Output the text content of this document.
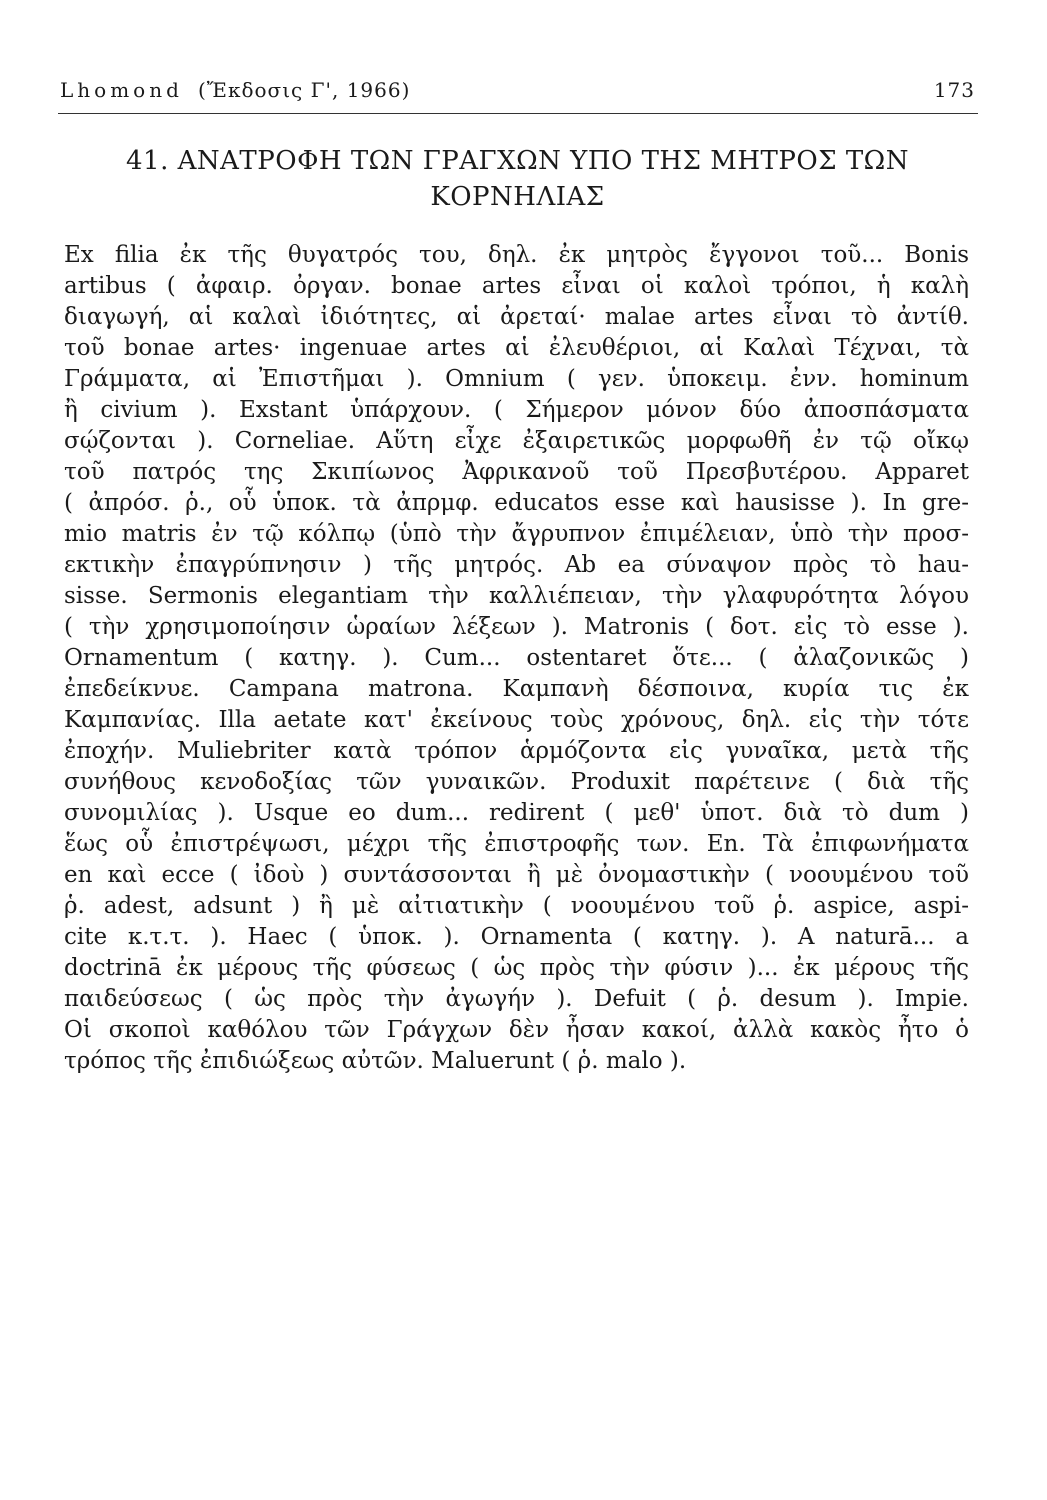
Lhomond (Ἔκδοσις Γ', 1966)	173
41. ΑΝΑΤΡΟΦΗ ΤΩΝ ΓΡΑΓΧΩΝ ΥΠΟ ΤΗΣ ΜΗΤΡΟΣ ΤΩΝ
ΚΟΡΝΗΛΙΑΣ
Ex filia ἐκ τῆς θυγατρός του, δηλ. ἐκ μητρὸς ἔγγονοι τοῦ... Bonis
artibus ( ἀφαιρ. ὀργαν. bonae artes εἶναι οἱ καλοὶ τρόποι, ἡ καλὴ
διαγωγή, αἱ καλαὶ ἰδιότητες, αἱ ἀρεταί· malae artes εἶναι τὸ ἀντίθ.
τοῦ bonae artes· ingenuae artes αἱ ἐλευθέριοι, αἱ Καλαὶ Τέχναι, τὰ
Γράμματα, αἱ Ἐπιστῆμαι ). Omnium ( γεν. ὑποκειμ. ἐνν. hominum
ἢ civium ). Exstant ὑπάρχουν. ( Σήμερον μόνον δύο ἀποσπάσματα
σῴζονται ). Corneliae. Αὕτη εἶχε ἐξαιρετικῶς μορφωθῆ ἐν τῷ οἴκῳ
τοῦ πατρός της Σκιπίωνος Ἀφρικανοῦ τοῦ Πρεσβυτέρου. Apparet
( ἀπρόσ. ῥ., οὗ ὑποκ. τὰ ἀπρμφ. educatos esse καὶ hausisse ). In gre-
mio matris ἐν τῷ κόλπῳ (ὑπὸ τὴν ἄγρυπνον ἐπιμέλειαν, ὑπὸ τὴν προσ-
εκτικὴν ἐπαγρύπνησιν ) τῆς μητρός. Ab ea σύναψον πρὸς τὸ hau-
sisse. Sermonis elegantiam τὴν καλλιέπειαν, τὴν γλαφυρότητα λόγου
( τὴν χρησιμοποίησιν ὡραίων λέξεων ). Matronis ( δοτ. εἰς τὸ esse ).
Ornamentum ( κατηγ. ). Cum... ostentaret ὅτε... ( ἀλαζονικῶς )
ἐπεδείκνυε. Campana matrona. Καμπανὴ δέσποινα, κυρία τις ἐκ
Καμπανίας. Illa aetate κατ' ἐκείνους τοὺς χρόνους, δηλ. εἰς τὴν τότε
ἐποχήν. Muliebriter κατὰ τρόπον ἁρμόζοντα εἰς γυναῖκα, μετὰ τῆς
συνήθους κενοδοξίας τῶν γυναικῶν. Produxit παρέτεινε ( διὰ τῆς
συνομιλίας ). Usque eo dum... redirent ( μεθ' ὑποτ. διὰ τὸ dum )
ἕως οὗ ἐπιστρέψωσι, μέχρι τῆς ἐπιστροφῆς των. En. Τὰ ἐπιφωνήματα
en καὶ ecce ( ἰδοὺ ) συντάσσονται ἢ μὲ ὀνομαστικὴν ( νοουμένου τοῦ
ῥ. adest, adsunt ) ἢ μὲ αἰτιατικὴν ( νοουμένου τοῦ ῥ. aspice, aspi-
cite κ.τ.τ. ). Haec ( ὑποκ. ). Ornamenta ( κατηγ. ). A naturā... a
doctrinā ἐκ μέρους τῆς φύσεως ( ὡς πρὸς τὴν φύσιν )... ἐκ μέρους τῆς
παιδεύσεως ( ὡς πρὸς τὴν ἀγωγήν ). Defuit ( ῥ. desum ). Impie.
Οἱ σκοποὶ καθόλου τῶν Γράγχων δὲν ἦσαν κακοί, ἀλλὰ κακὸς ἦτο ὁ
τρόπος τῆς ἐπιδιώξεως αὐτῶν. Maluerunt ( ῥ. malo ).
